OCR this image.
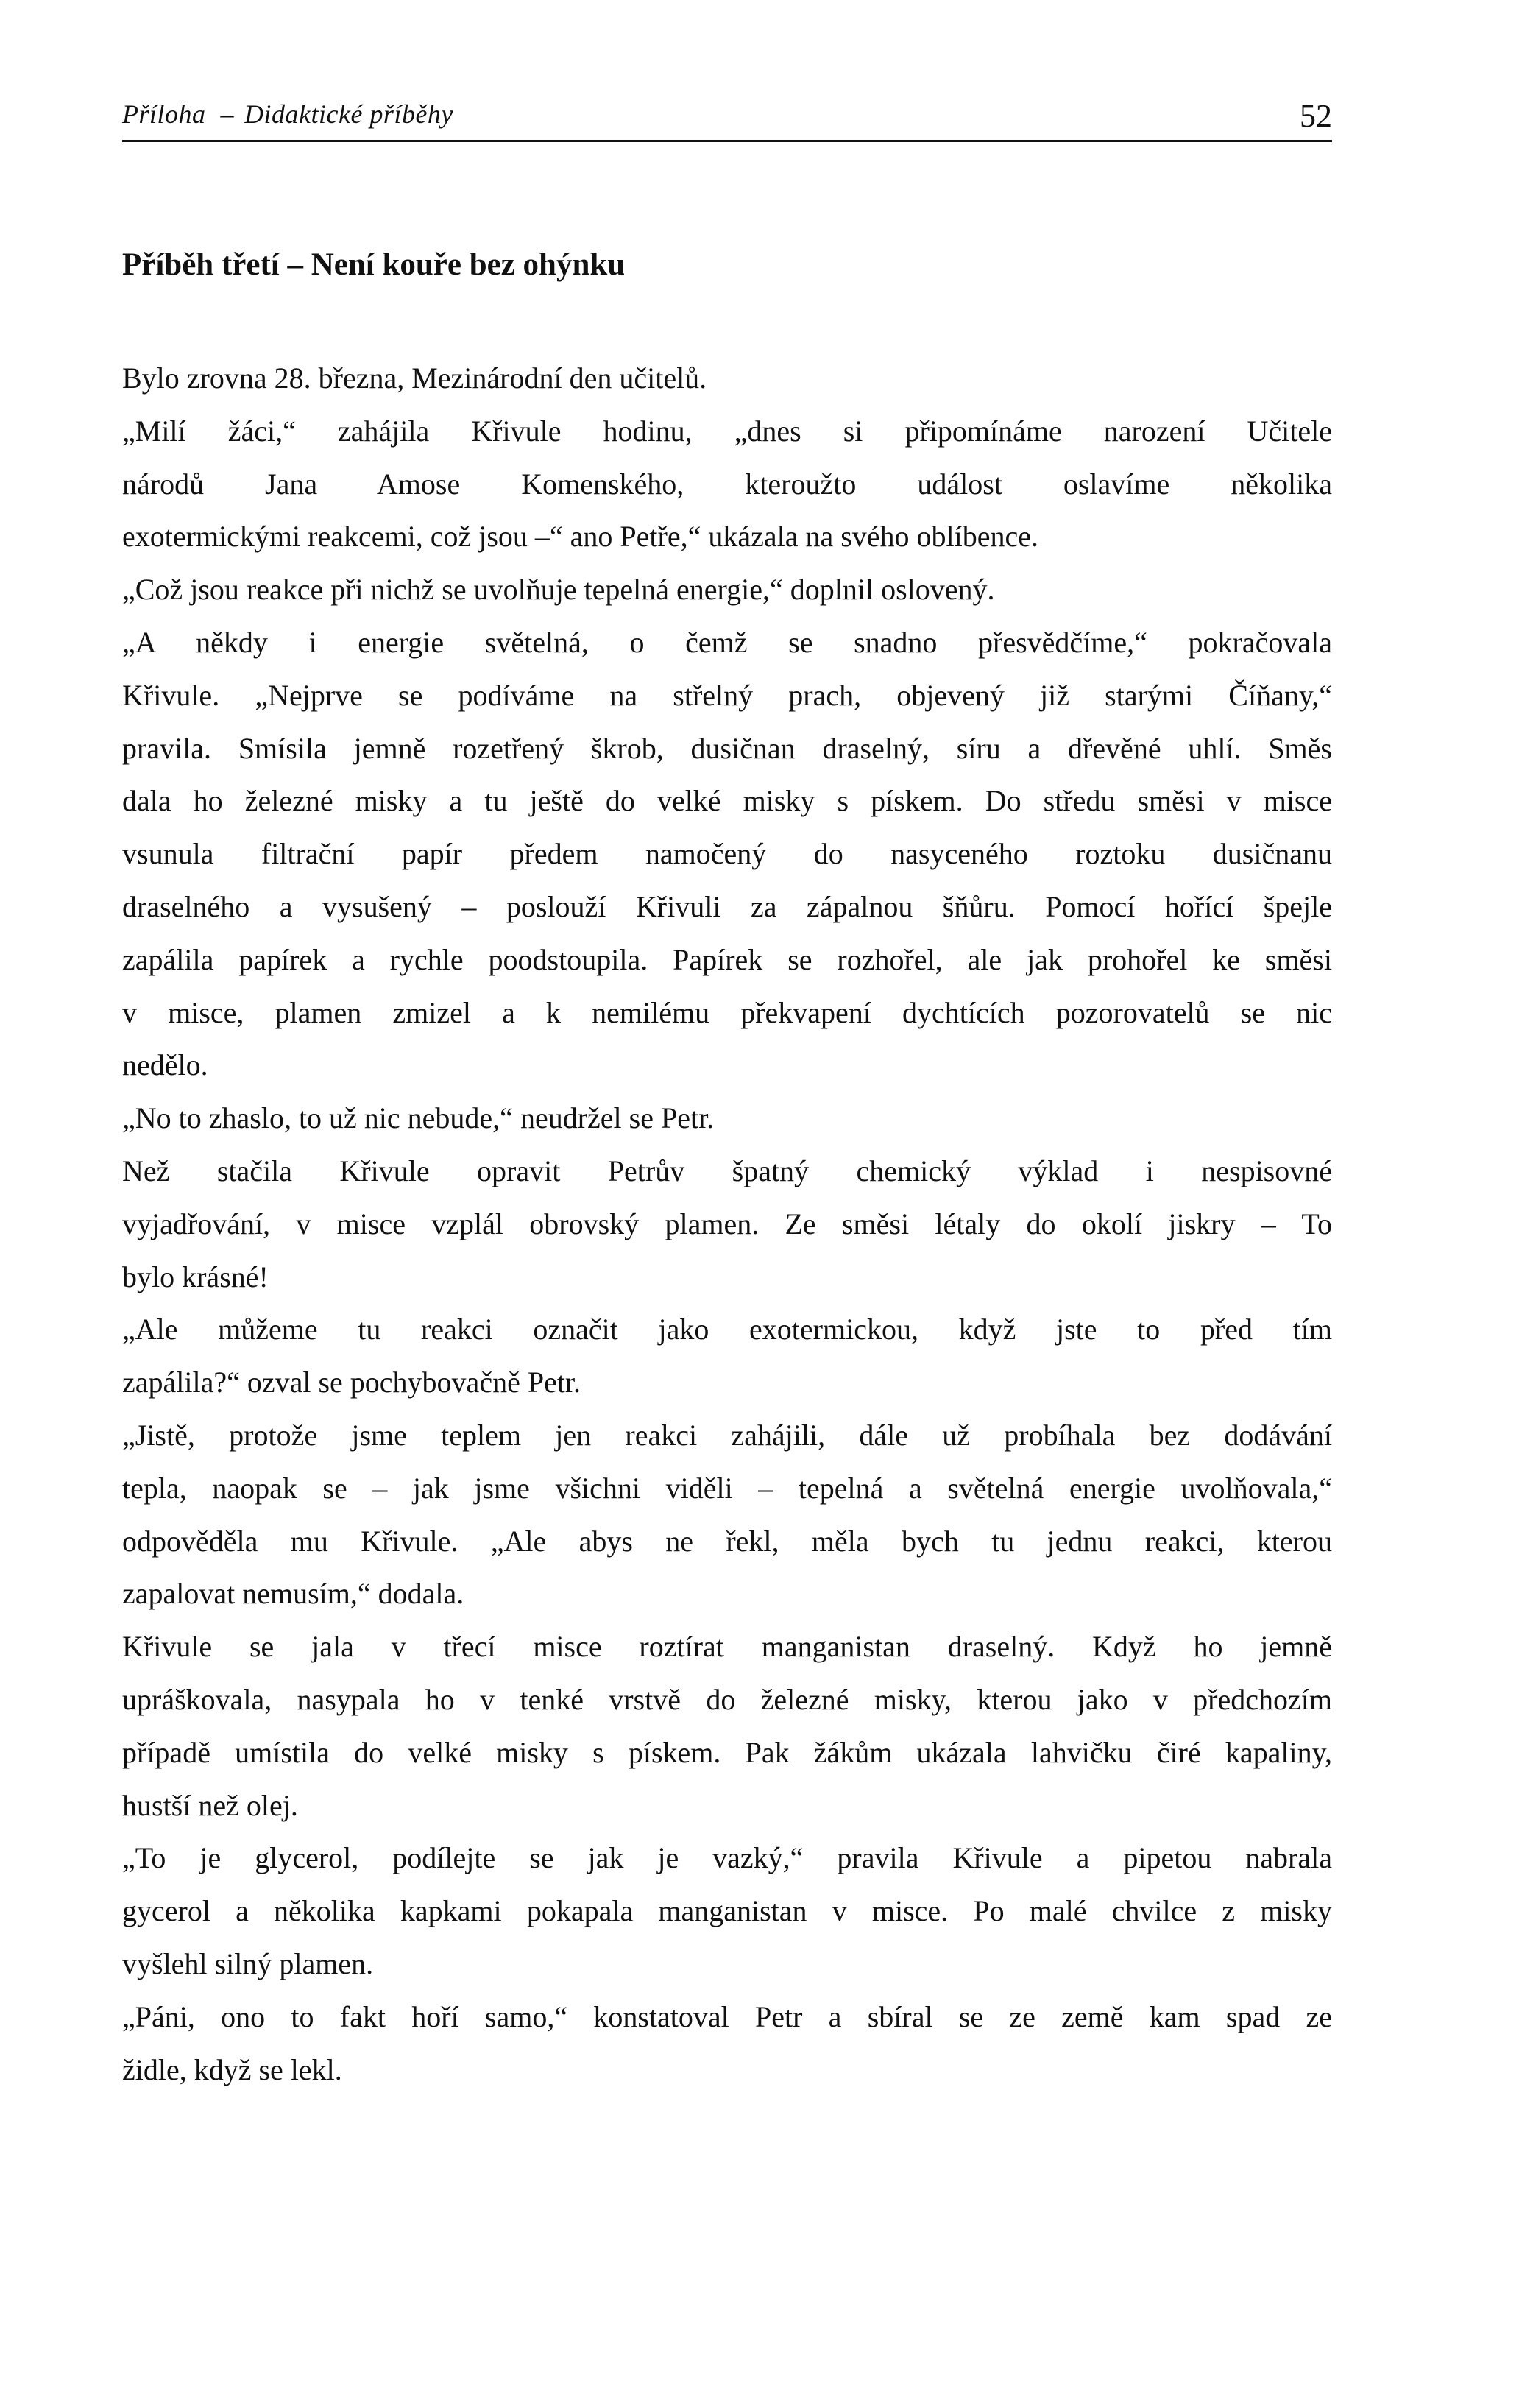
Příloha – Didaktické příběhy	52
Příběh třetí – Není kouře bez ohýnku
Bylo zrovna 28. března, Mezinárodní den učitelů.
„Milí žáci,“ zahájila Křivule hodinu, „dnes si připomínáme narození Učitele
národů Jana Amose Komenského, kteroužto událost oslavíme několika
exotermickými reakcemi, což jsou –“ ano Petře,“ ukázala na svého oblíbence.
„Což jsou reakce při nichž se uvolňuje tepelná energie,“ doplnil oslovený.
„A někdy i energie světelná, o čemž se snadno přesvědčíme,“ pokračovala
Křivule. „Nejprve se podíváme na střelný prach, objevený již starými Číňany,“
pravila. Smísila jemně rozetřený škrob, dusičnan draselný, síru a dřevěné uhlí. Směs
dala ho železné misky a tu ještě do velké misky s pískem. Do středu směsi v misce
vsunula filtrační papír předem namočený do nasyceného roztoku dusičnanu
draselného a vysušený – poslouží Křivuli za zápalnou šňůru. Pomocí hořící špejle
zapálila papírek a rychle poodstoupila. Papírek se rozhořel, ale jak prohořel ke směsi
v misce, plamen zmizel a k nemilému překvapení dychtících pozorovatelů se nic
nedělo.
„No to zhaslo, to už nic nebude,“ neudržel se Petr.
Než stačila Křivule opravit Petrův špatný chemický výklad i nespisovné
vyjadřování, v misce vzplál obrovský plamen. Ze směsi létaly do okolí jiskry – To
bylo krásné!
„Ale můžeme tu reakci označit jako exotermickou, když jste to před tím
zapálila?“ ozval se pochybovačně Petr.
„Jistě, protože jsme teplem jen reakci zahájili, dále už probíhala bez dodávání
tepla, naopak se – jak jsme všichni viděli – tepelná a světelná energie uvolňovala,“
odpověděla mu Křivule. „Ale abys ne řekl, měla bych tu jednu reakci, kterou
zapalovat nemusím,“ dodala.
Křivule se jala v třecí misce roztírat manganistan draselný. Když ho jemně
upráškovala, nasypala ho v tenké vrstvě do železné misky, kterou jako v předchozím
případě umístila do velké misky s pískem. Pak žákům ukázala lahvičku čiré kapaliny,
hustší než olej.
„To je glycerol, podílejte se jak je vazký,“ pravila Křivule a pipetou nabrala
gycerol a několika kapkami pokapala manganistan v misce. Po malé chvilce z misky
vyšlehl silný plamen.
„Páni, ono to fakt hoří samo,“ konstatoval Petr a sbíral se ze země kam spad ze
židle, když se lekl.
